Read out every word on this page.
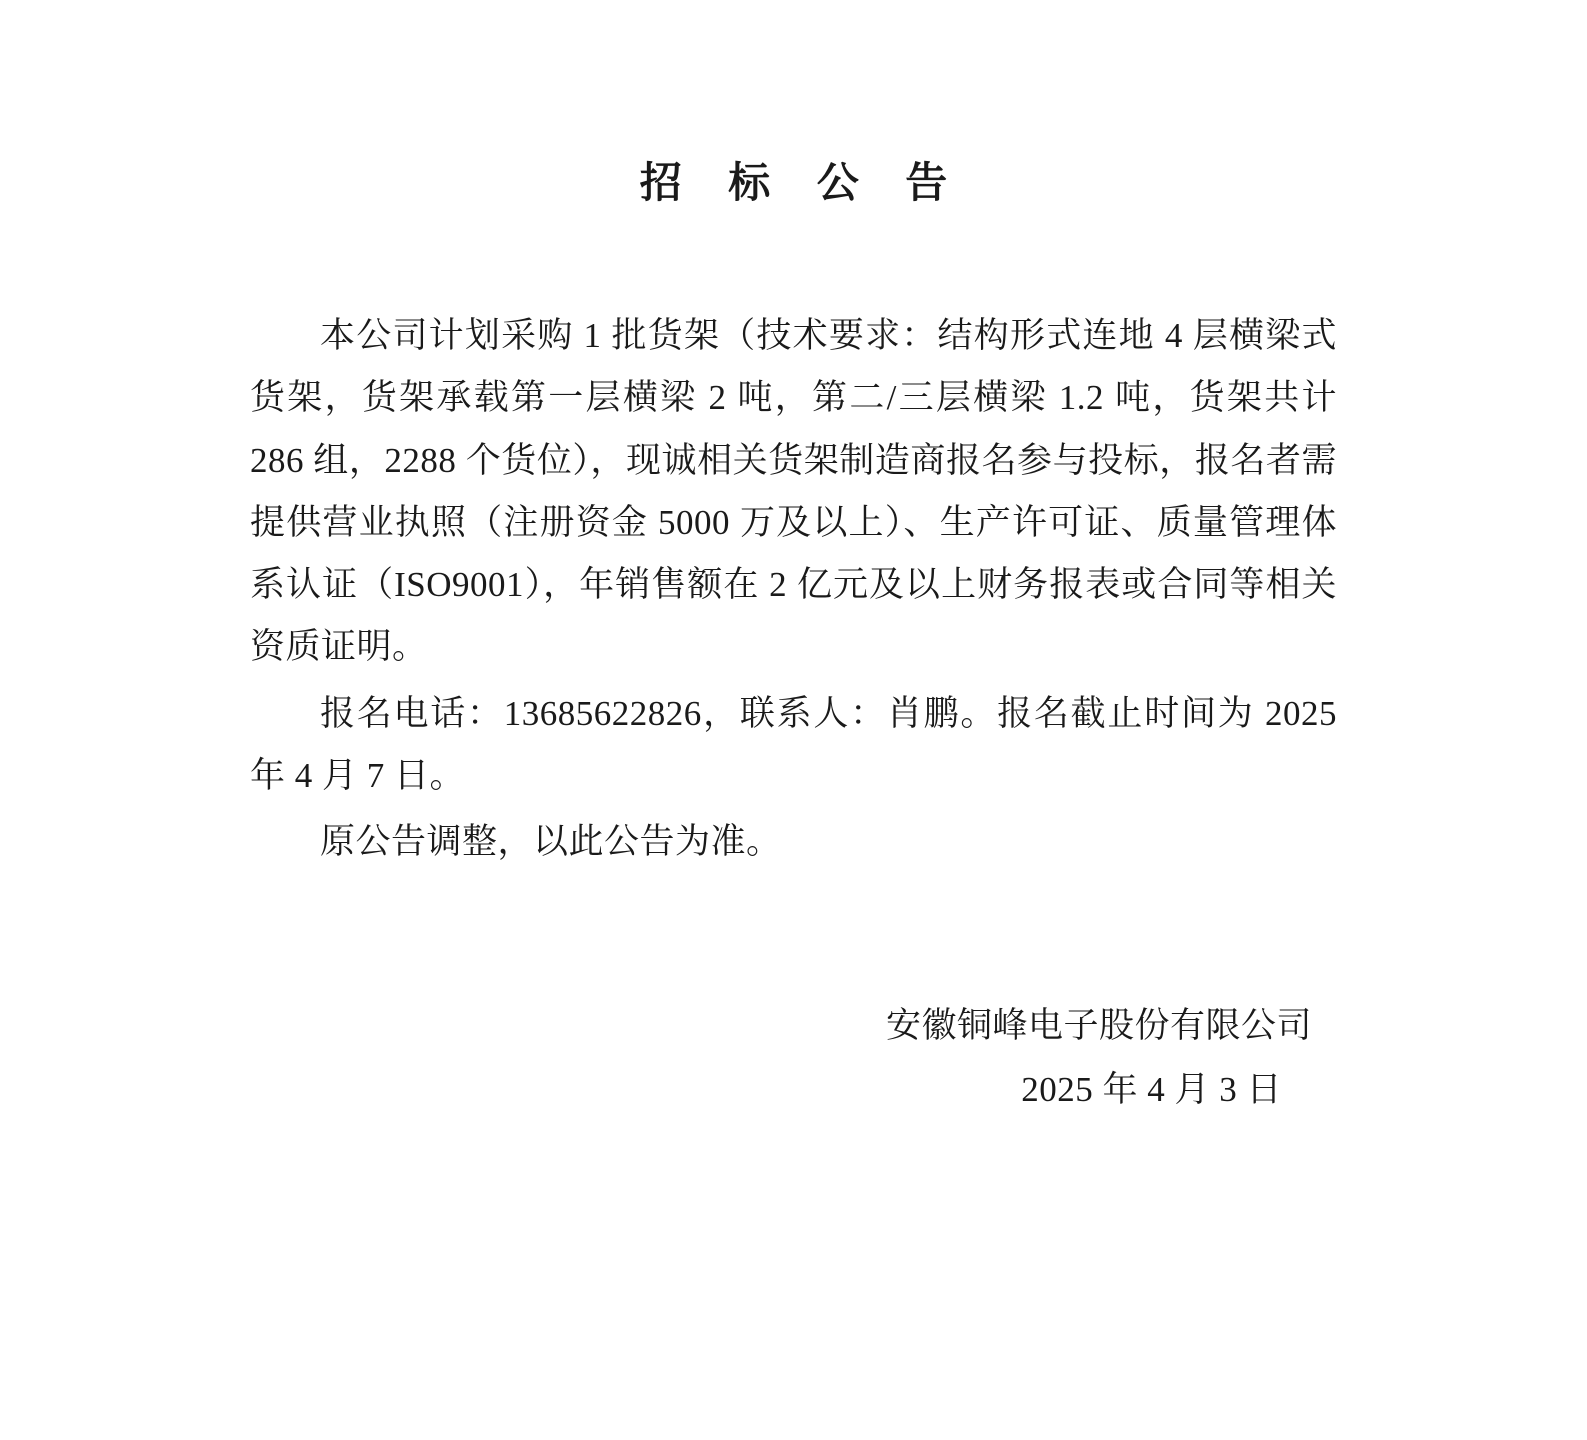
招 标 公 告

本公司计划采购 1 批货架（技术要求：结构形式连地 4 层横梁式货架，货架承载第一层横梁 2 吨，第二/三层横梁 1.2 吨，货架共计 286 组，2288 个货位），现诚相关货架制造商报名参与投标，报名者需提供营业执照（注册资金 5000 万及以上）、生产许可证、质量管理体系认证（ISO9001），年销售额在 2 亿元及以上财务报表或合同等相关资质证明。

报名电话：13685622826，联系人：肖鹏。报名截止时间为 2025 年 4 月 7 日。

原公告调整，以此公告为准。

安徽铜峰电子股份有限公司
2025 年 4 月 3 日
